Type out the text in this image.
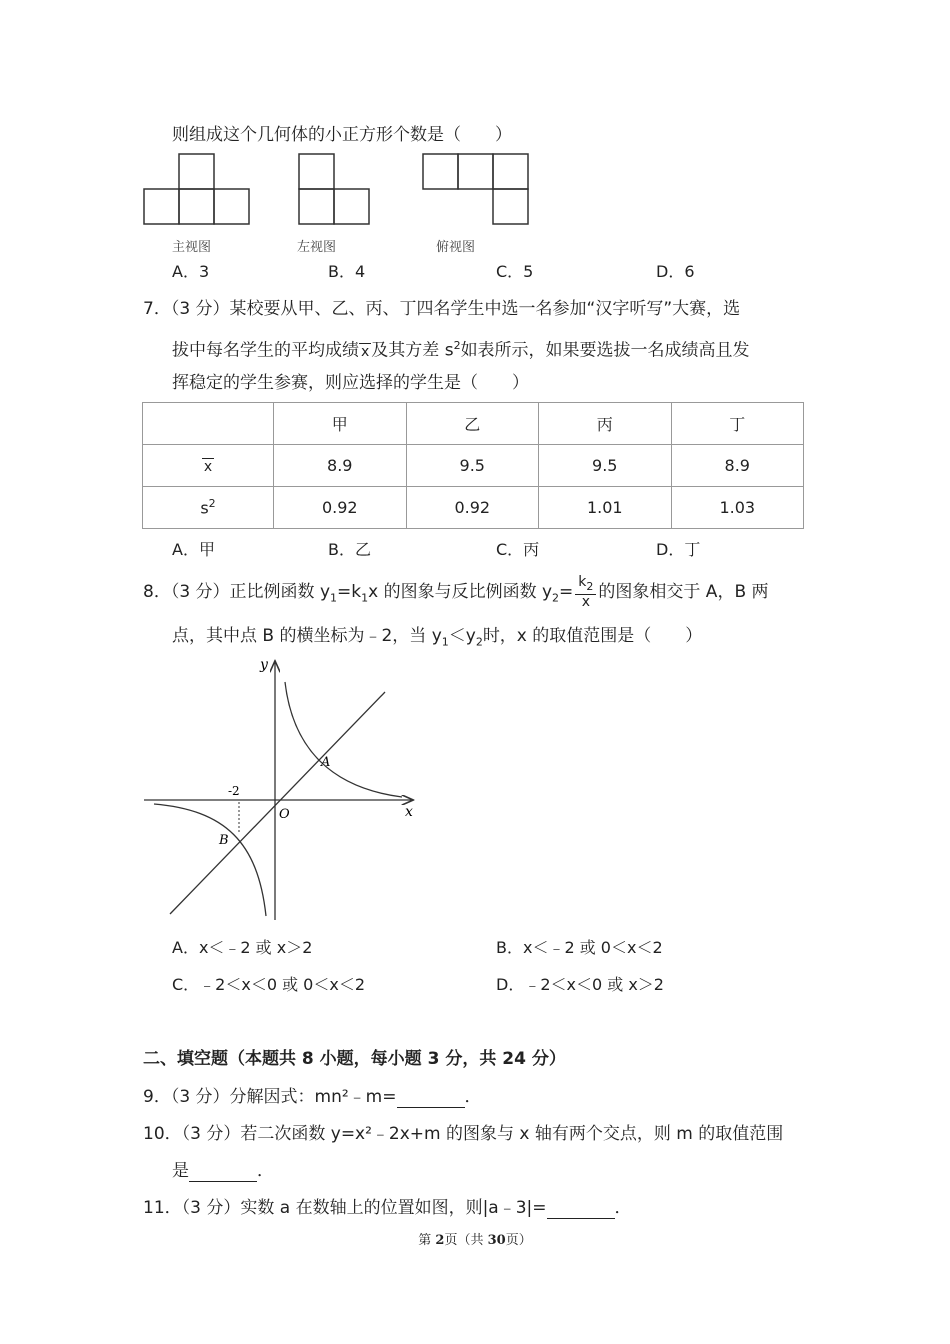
则组成这个几何体的小正方形个数是（　　）
主视图	左视图	俯视图
A．3	B．4	C．5	D．6
7．（3 分）某校要从甲、乙、丙、丁四名学生中选一名参加“汉字听写”大赛，选
拔中每名学生的平均成绩 x 及其方差 $s^2$如表所示，如果要选拔一名成绩高且发
挥稳定的学生参赛，则应选择的学生是（　　）
	甲	乙	丙	丁
x	8.9	9.5	9.5	8.9
$s^2$	0.92	0.92	1.01	1.03
A．甲	B．乙	C．丙	D．丁
8．（3 分）正比例函数 $y_1=k_1x$ 的图象与反比例函数 $y_2= \frac{k_2}{x}$ 的图象相交于 A，B 两
点，其中点 B 的横坐标为﹣2，当 $y_1<y_2$时，x 的取值范围是（　　）
x
y
O
A
B
-2
A．x＜﹣2 或 x＞2	B．x＜﹣2 或 0＜x＜2
C．﹣2＜x＜0 或 0＜x＜2	D．﹣2＜x＜0 或 x＞2
二、填空题（本题共 8 小题，每小题 3 分，共 24 分）
9．（3 分）分解因式：mn²﹣m=	．
10．（3 分）若二次函数 y=x²﹣2x+m 的图象与 x 轴有两个交点，则 m 的取值范围
是	．
11．（3 分）实数 a 在数轴上的位置如图，则|a﹣3|=	．
第 2页（共 30页）
